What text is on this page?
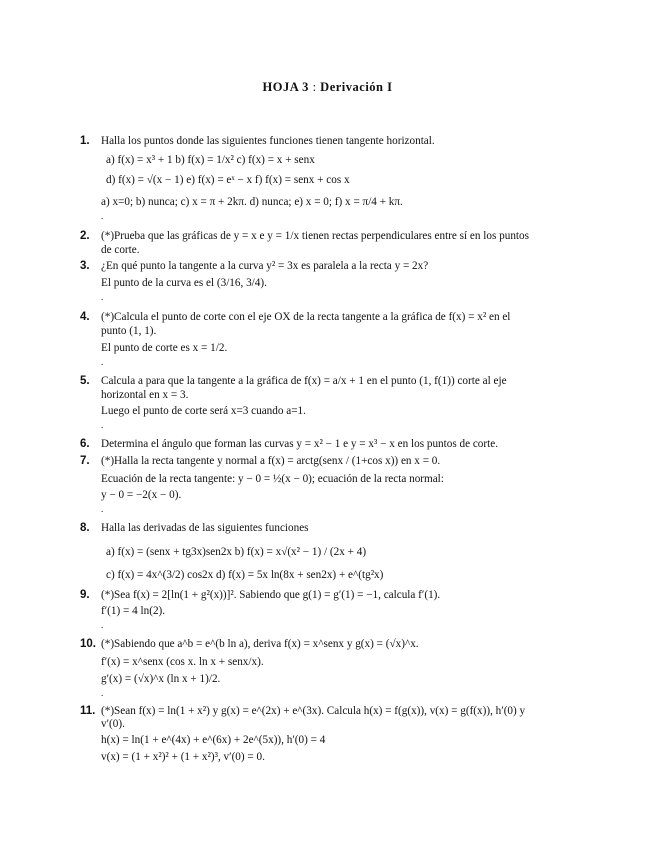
HOJA 3 : Derivación I
1. Halla los puntos donde las siguientes funciones tienen tangente horizontal.
a) f(x) = x³ + 1 b) f(x) = 1/x² c) f(x) = x + senx
d) f(x) = √(x − 1) e) f(x) = eˣ − x f) f(x) = senx + cos x
a) x=0; b) nunca; c) x = π + 2kπ. d) nunca; e) x = 0; f) x = π/4 + kπ.
.
2. (*)Prueba que las gráficas de y = x e y = 1/x tienen rectas perpendiculares entre sí en los puntos
de corte.
3. ¿En qué punto la tangente a la curva y² = 3x es paralela a la recta y = 2x?
El punto de la curva es el (3/16, 3/4).
.
4. (*)Calcula el punto de corte con el eje OX de la recta tangente a la gráfica de f(x) = x² en el
punto (1, 1).
El punto de corte es x = 1/2.
.
5. Calcula a para que la tangente a la gráfica de f(x) = a/x + 1 en el punto (1, f(1)) corte al eje
horizontal en x = 3.
Luego el punto de corte será x=3 cuando a=1.
.
6. Determina el ángulo que forman las curvas y = x² − 1 e y = x³ − x en los puntos de corte.
7. (*)Halla la recta tangente y normal a f(x) = arctg(senx / (1+cos x)) en x = 0.
Ecuación de la recta tangente: y − 0 = ½(x − 0); ecuación de la recta normal:
y − 0 = −2(x − 0).
.
8. Halla las derivadas de las siguientes funciones
a) f(x) = (senx + tg3x)sen2x b) f(x) = x√(x² − 1) / (2x + 4)
c) f(x) = 4x^(3/2) cos2x d) f(x) = 5x ln(8x + sen2x) + e^(tg²x)
9. (*)Sea f(x) = 2[ln(1 + g²(x))]². Sabiendo que g(1) = g′(1) = −1, calcula f′(1).
f′(1) = 4 ln(2).
.
10. (*)Sabiendo que a^b = e^(b ln a), deriva f(x) = x^senx y g(x) = (√x)^x.
f′(x) = x^senx (cos x. ln x + senx/x).
g′(x) = (√x)^x (ln x + 1)/2.
.
11. (*)Sean f(x) = ln(1 + x²) y g(x) = e^(2x) + e^(3x). Calcula h(x) = f(g(x)), v(x) = g(f(x)), h′(0) y
v′(0).
h(x) = ln(1 + e^(4x) + e^(6x) + 2e^(5x)), h′(0) = 4
v(x) = (1 + x²)² + (1 + x²)³, v′(0) = 0.
